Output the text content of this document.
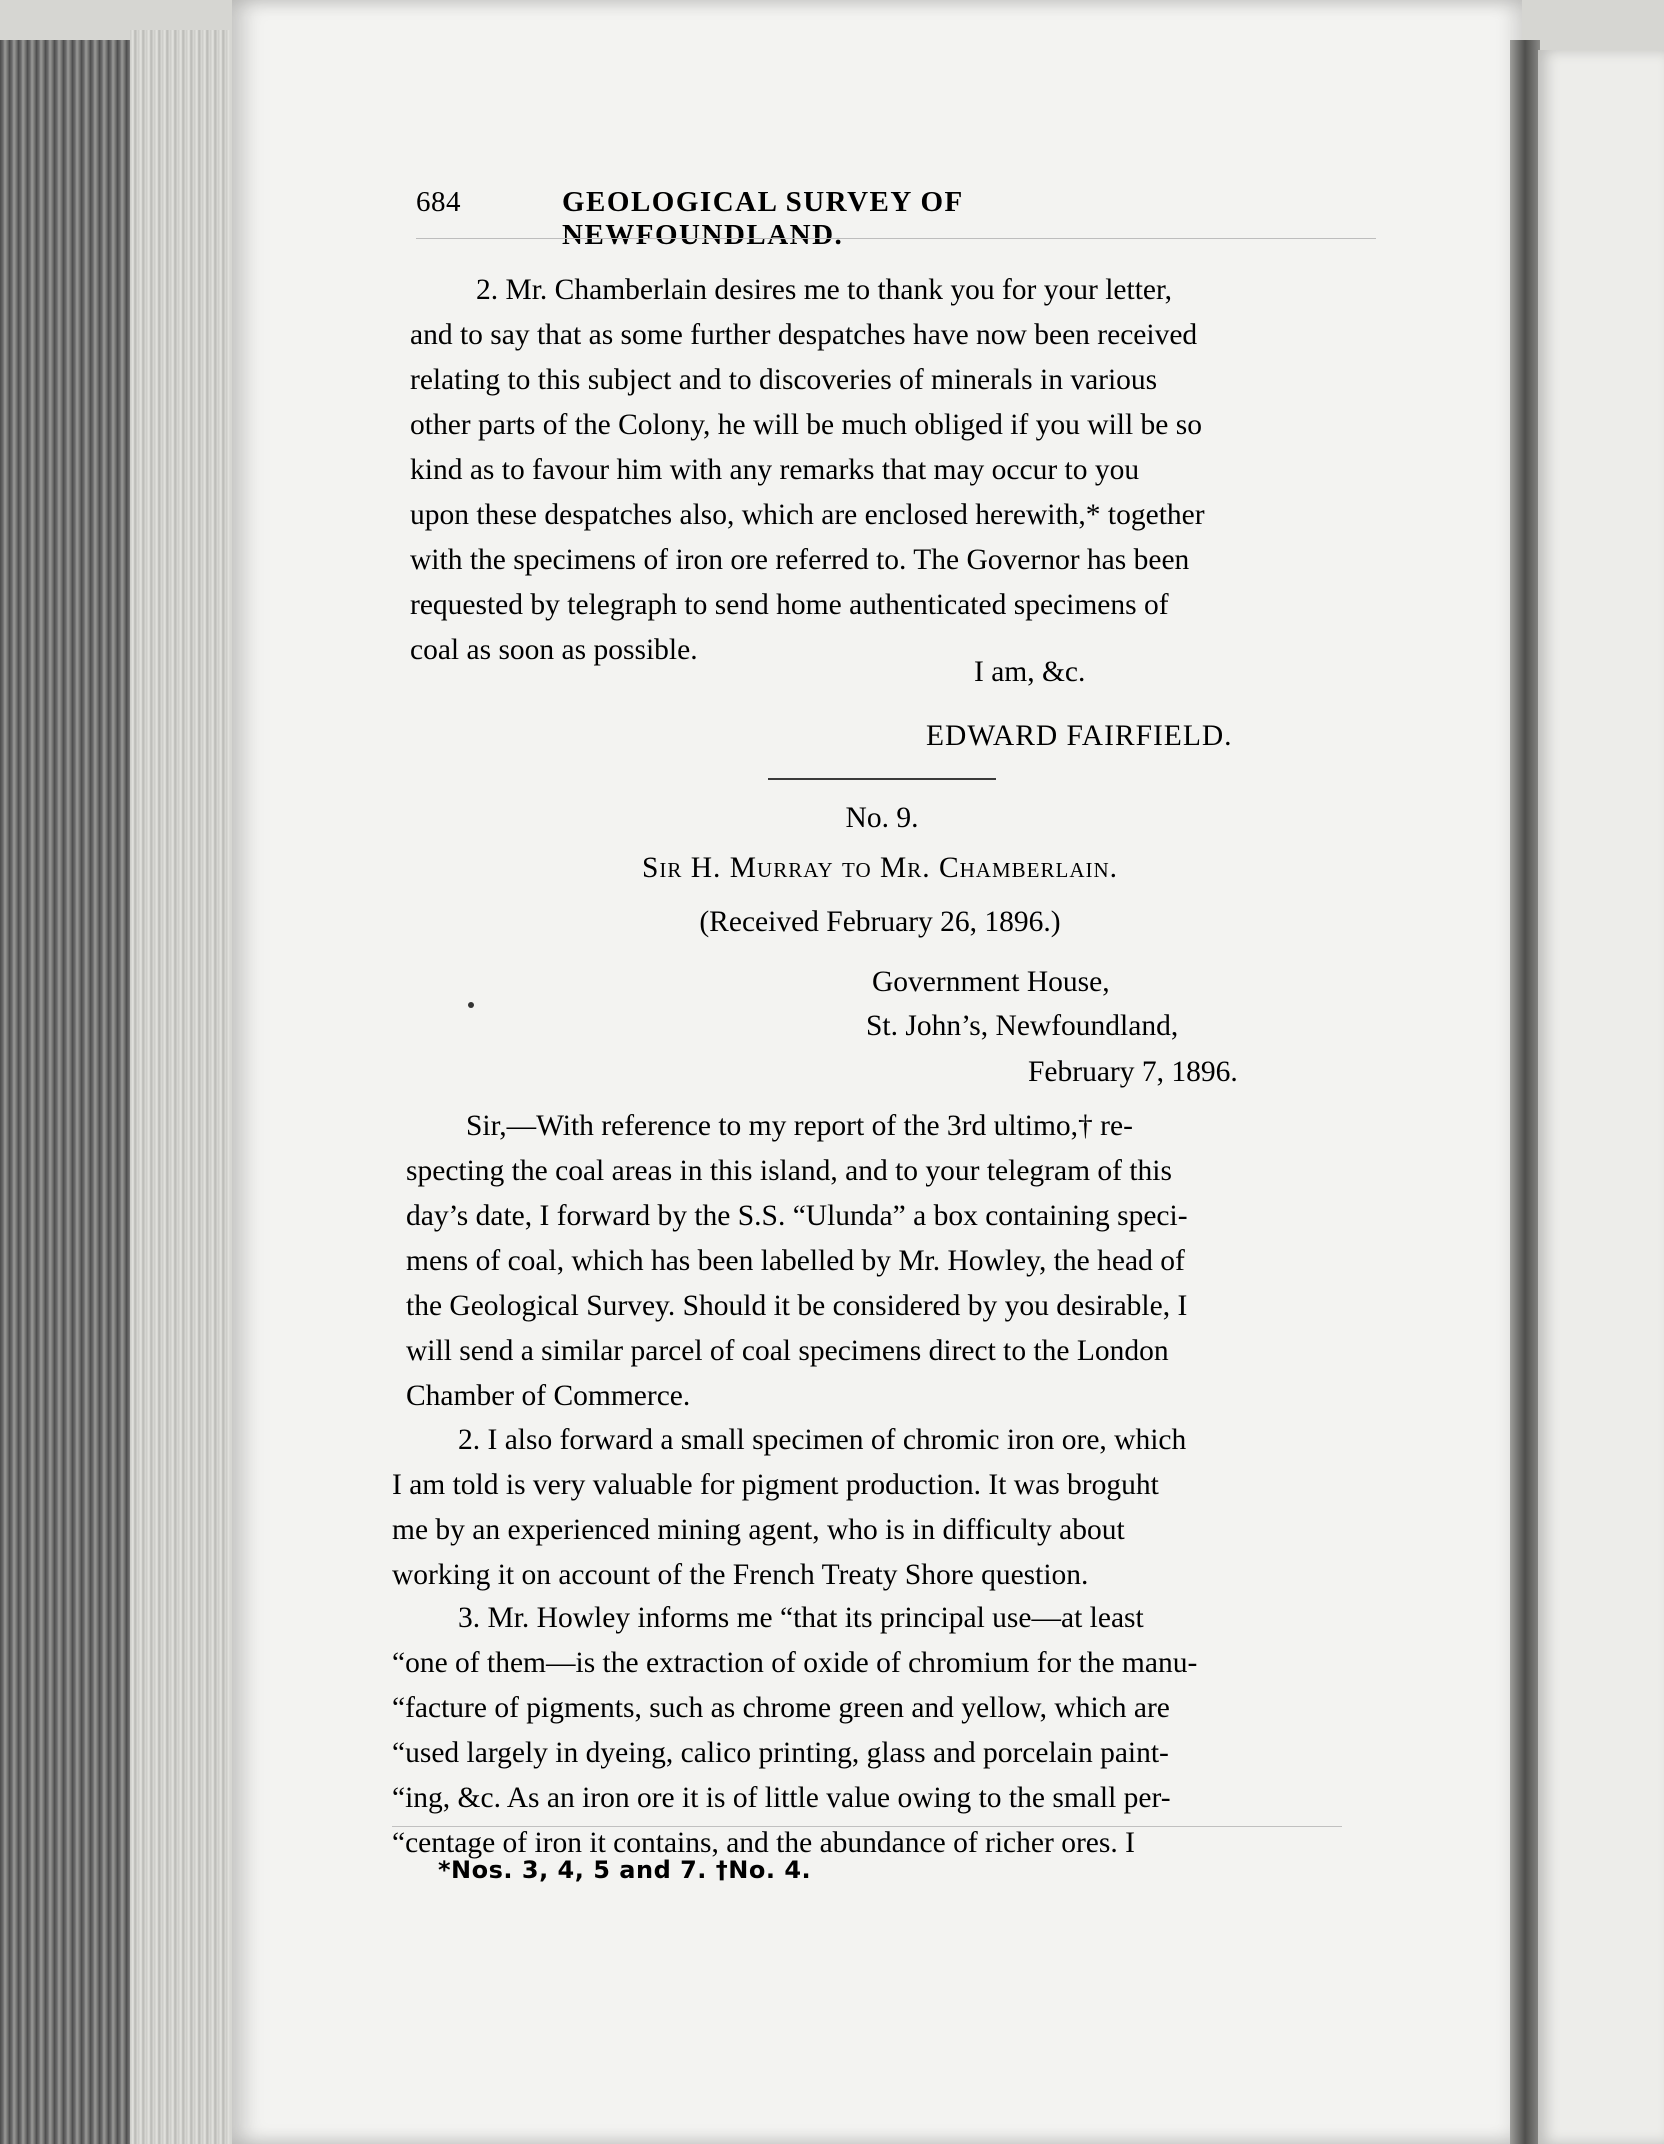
684	GEOLOGICAL SURVEY OF NEWFOUNDLAND.

2. Mr. Chamberlain desires me to thank you for your letter,
and to say that as some further despatches have now been received
relating to this subject and to discoveries of minerals in various
other parts of the Colony, he will be much obliged if you will be so
kind as to favour him with any remarks that may occur to you
upon these despatches also, which are enclosed herewith,* together
with the specimens of iron ore referred to. The Governor has been
requested by telegraph to send home authenticated specimens of
coal as soon as possible.

I am, &c.
EDWARD FAIRFIELD.
No. 9.
Sir H. Murray to Mr. Chamberlain.
(Received February 26, 1896.)
Government House,
St. John’s, Newfoundland,
February 7, 1896.

Sir,—With reference to my report of the 3rd ultimo,† re-
specting the coal areas in this island, and to your telegram of this
day’s date, I forward by the S.S. “Ulunda” a box containing speci-
mens of coal, which has been labelled by Mr. Howley, the head of
the Geological Survey. Should it be considered by you desirable, I
will send a similar parcel of coal specimens direct to the London
Chamber of Commerce.

2. I also forward a small specimen of chromic iron ore, which
I am told is very valuable for pigment production. It was broguht
me by an experienced mining agent, who is in difficulty about
working it on account of the French Treaty Shore question.

3. Mr. Howley informs me “that its principal use—at least
“one of them—is the extraction of oxide of chromium for the manu-
“facture of pigments, such as chrome green and yellow, which are
“used largely in dyeing, calico printing, glass and porcelain paint-
“ing, &c. As an iron ore it is of little value owing to the small per-
“centage of iron it contains, and the abundance of richer ores. I

*Nos. 3, 4, 5 and 7. †No. 4.
